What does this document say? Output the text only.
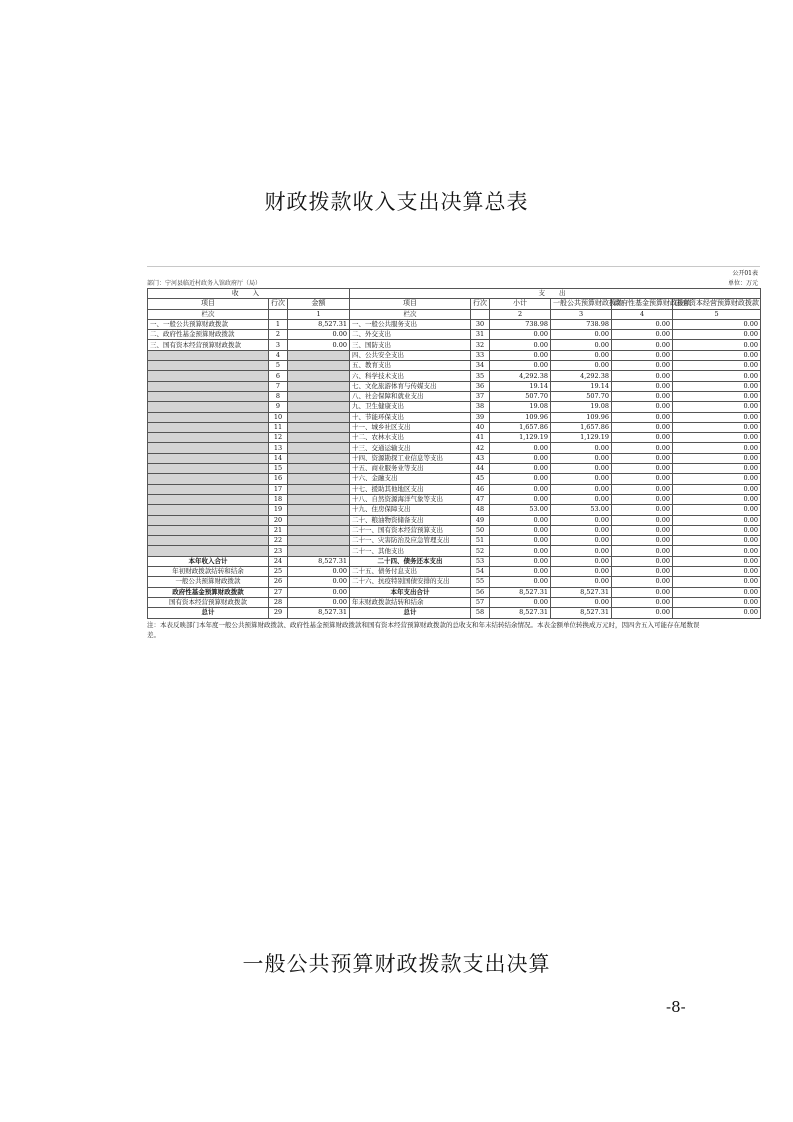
财政拨款收入支出决算总表
公开01表
部门：宁河县临近村政务入馆政府厅（局）	单位：万元
收 入			支 出					
项目	行次	金额	项目	行次	小计	一般公共预算财政拨款	政府性基金预算财政拨款	国有资本经营预算财政拨款
栏次		1	栏次		2	3	4	5
一、一般公共预算财政拨款	1	8,527.31	一、一般公共服务支出	30	738.98	738.98	0.00	0.00
二、政府性基金预算财政拨款	2	0.00	二、外交支出	31	0.00	0.00	0.00	0.00
三、国有资本经营预算财政拨款	3	0.00	三、国防支出	32	0.00	0.00	0.00	0.00
	4		四、公共安全支出	33	0.00	0.00	0.00	0.00
	5		五、教育支出	34	0.00	0.00	0.00	0.00
	6		六、科学技术支出	35	4,292.38	4,292.38	0.00	0.00
	7		七、文化旅游体育与传媒支出	36	19.14	19.14	0.00	0.00
	8		八、社会保障和就业支出	37	507.70	507.70	0.00	0.00
	9		九、卫生健康支出	38	19.08	19.08	0.00	0.00
	10		十、节能环保支出	39	109.96	109.96	0.00	0.00
	11		十一、城乡社区支出	40	1,657.86	1,657.86	0.00	0.00
	12		十二、农林水支出	41	1,129.19	1,129.19	0.00	0.00
	13		十三、交通运输支出	42	0.00	0.00	0.00	0.00
	14		十四、资源勘探工业信息等支出	43	0.00	0.00	0.00	0.00
	15		十五、商业服务业等支出	44	0.00	0.00	0.00	0.00
	16		十六、金融支出	45	0.00	0.00	0.00	0.00
	17		十七、援助其他地区支出	46	0.00	0.00	0.00	0.00
	18		十八、自然资源海洋气象等支出	47	0.00	0.00	0.00	0.00
	19		十九、住房保障支出	48	53.00	53.00	0.00	0.00
	20		二十、粮油物资储备支出	49	0.00	0.00	0.00	0.00
	21		二十一、国有资本经营预算支出	50	0.00	0.00	0.00	0.00
	22		二十一、灾害防治及应急管理支出	51	0.00	0.00	0.00	0.00
	23		二十一、其他支出	52	0.00	0.00	0.00	0.00
本年收入合计	24	8,527.31	二十四、债务还本支出	53	0.00	0.00	0.00	0.00
年初财政拨款结转和结余	25	0.00	二十五、债务付息支出	54	0.00	0.00	0.00	0.00
一般公共预算财政拨款	26	0.00	二十六、抗疫特别国债安排的支出	55	0.00	0.00	0.00	0.00
政府性基金预算财政拨款	27	0.00	本年支出合计	56	8,527.31	8,527.31	0.00	0.00
国有资本经营预算财政拨款	28	0.00	年末财政拨款结转和结余	57	0.00	0.00	0.00	0.00
总计	29	8,527.31	总计	58	8,527.31	8,527.31	0.00	0.00
注：本表反映部门本年度一般公共预算财政拨款、政府性基金预算财政拨款和国有资本经营预算财政拨款的总收支和年末结转结余情况。本表金额单位转换成万元时，因四舍五入可能存在尾数误差。
一般公共预算财政拨款支出决算
-8-
